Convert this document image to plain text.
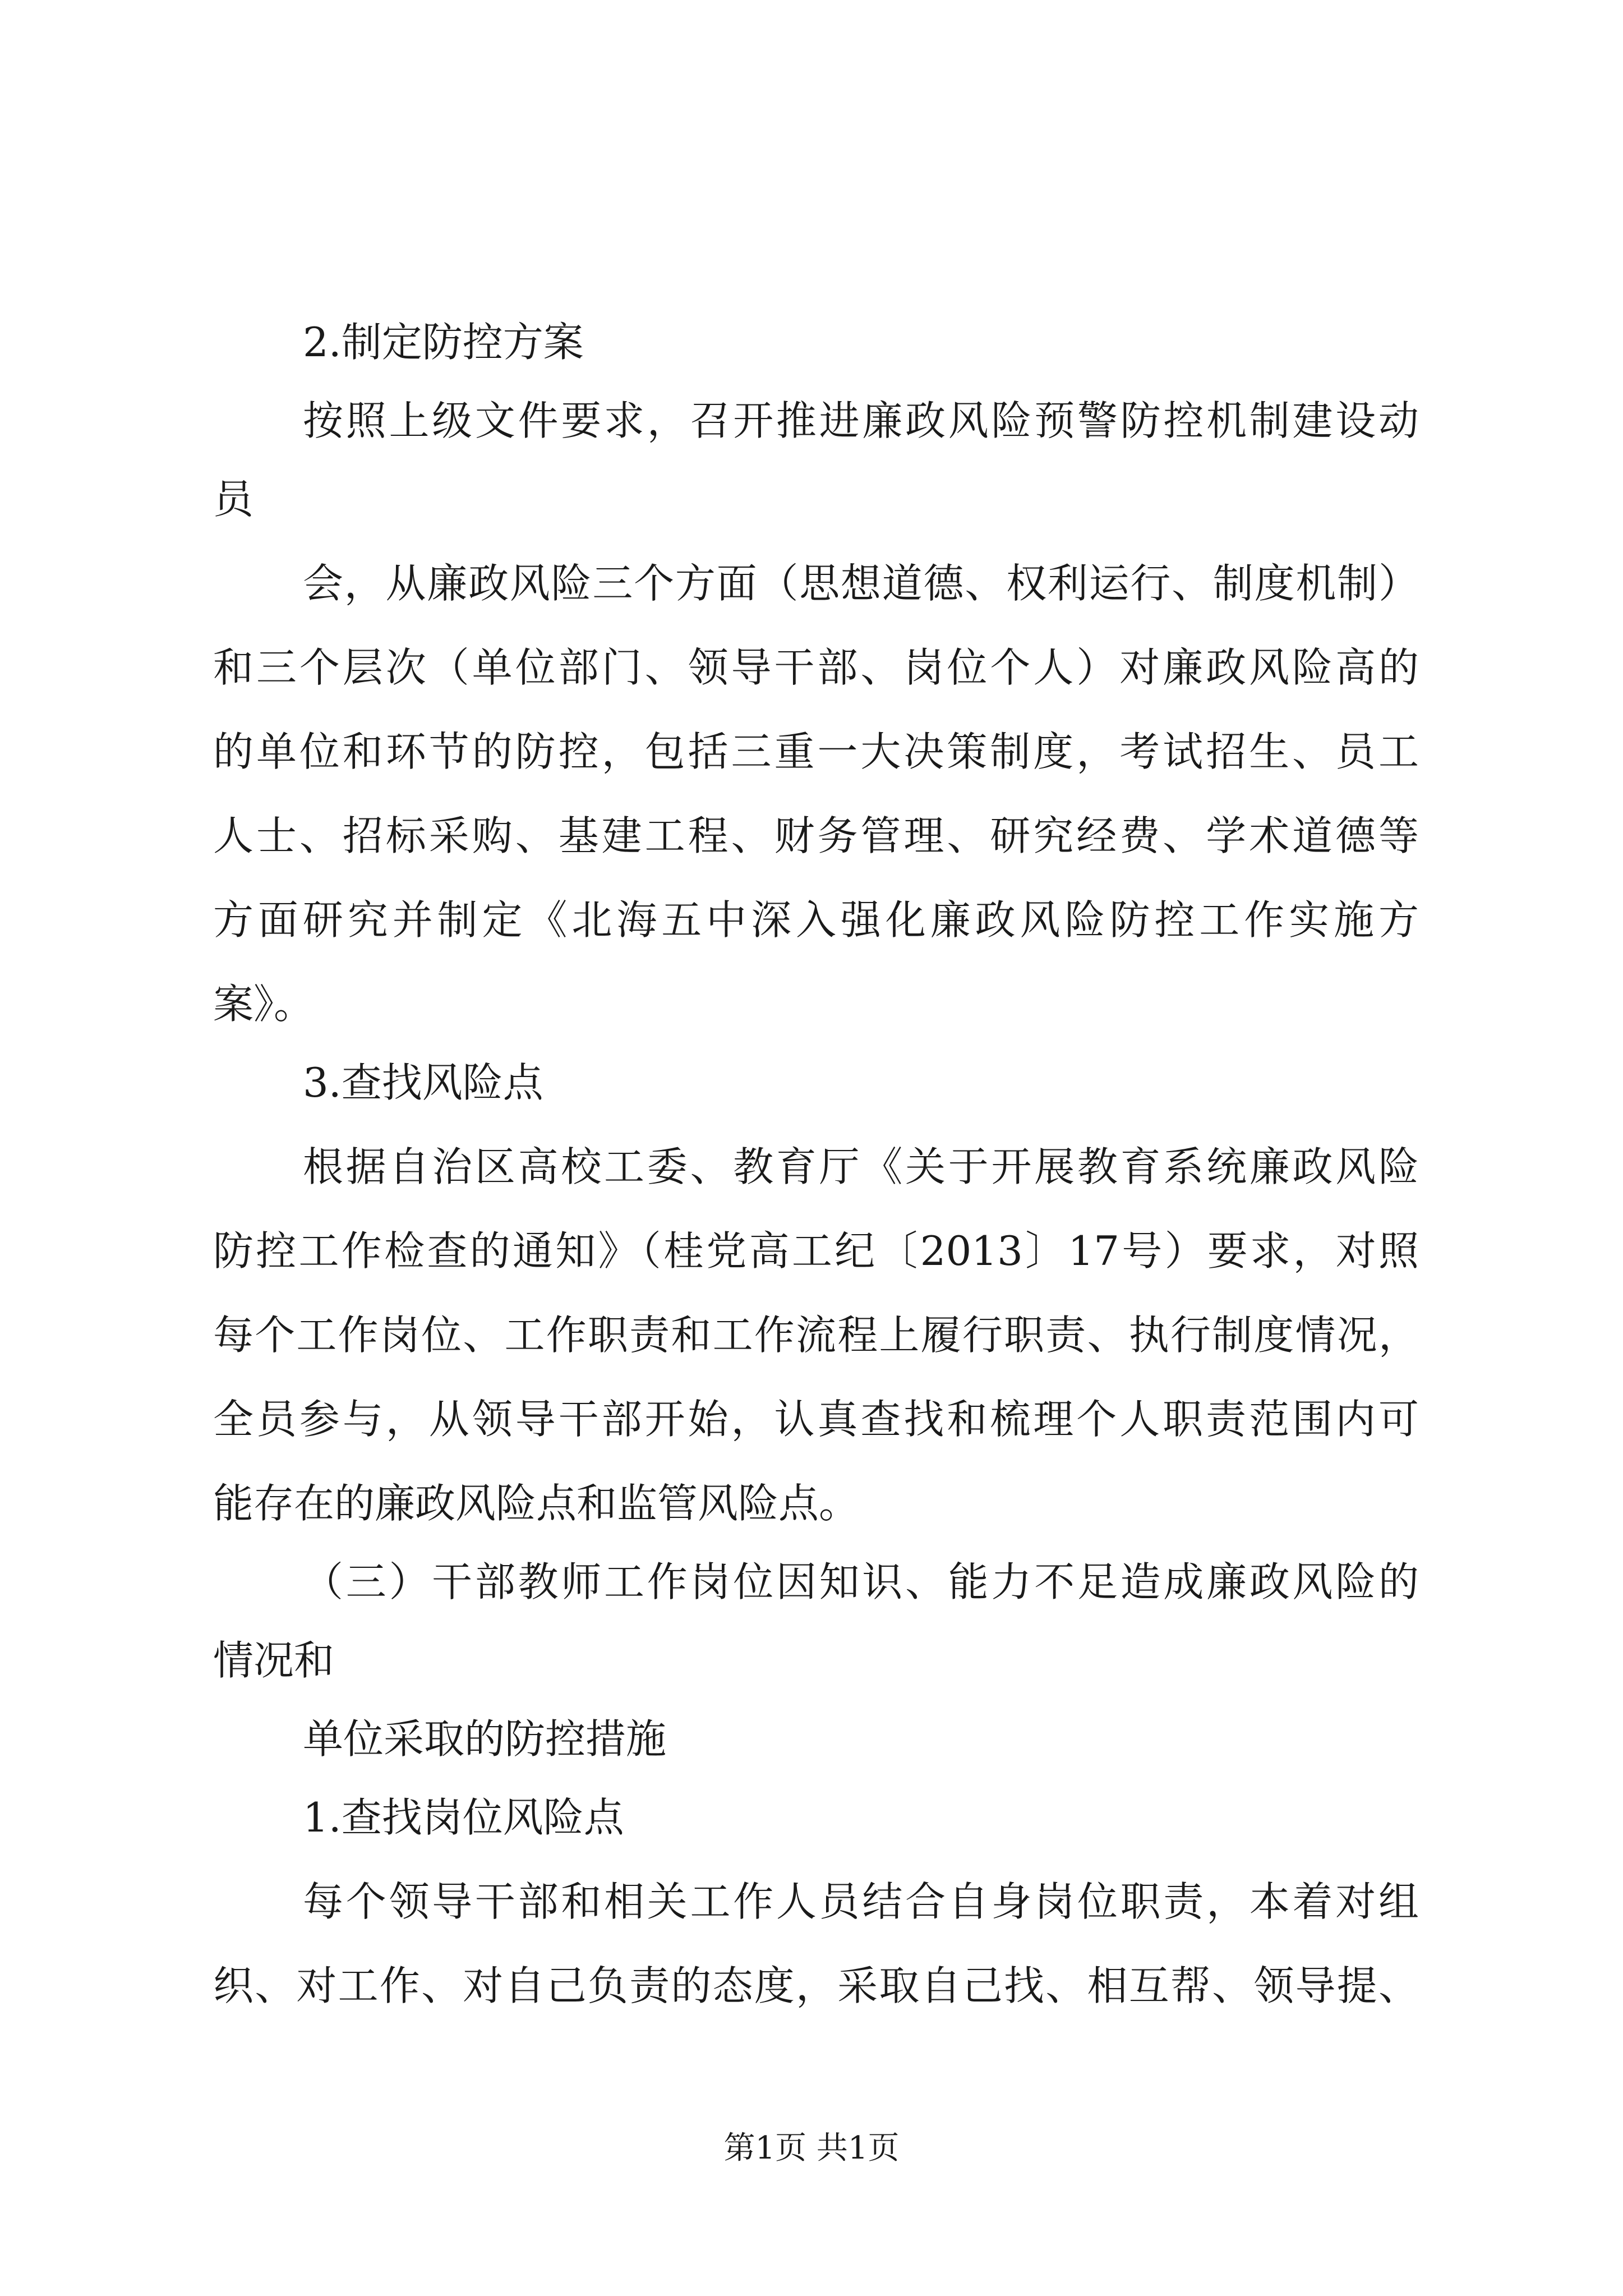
2.制定防控方案
按照上级文件要求，召开推进廉政风险预警防控机制建设动
员
会，从廉政风险三个方面（思想道德、权利运行、制度机制）
和三个层次（单位部门、领导干部、岗位个人）对廉政风险高的
的单位和环节的防控，包括三重一大决策制度，考试招生、员工
人士、招标采购、基建工程、财务管理、研究经费、学术道德等
方面研究并制定《北海五中深入强化廉政风险防控工作实施方
案》。
3.查找风险点
根据自治区高校工委、教育厅《关于开展教育系统廉政风险
防控工作检查的通知》（桂党高工纪〔2013〕17号）要求，对照
每个工作岗位、工作职责和工作流程上履行职责、执行制度情况，
全员参与，从领导干部开始，认真查找和梳理个人职责范围内可
能存在的廉政风险点和监管风险点。
（三）干部教师工作岗位因知识、能力不足造成廉政风险的
情况和
单位采取的防控措施
1.查找岗位风险点
每个领导干部和相关工作人员结合自身岗位职责，本着对组
织、对工作、对自己负责的态度，采取自己找、相互帮、领导提、
第1页 共1页
